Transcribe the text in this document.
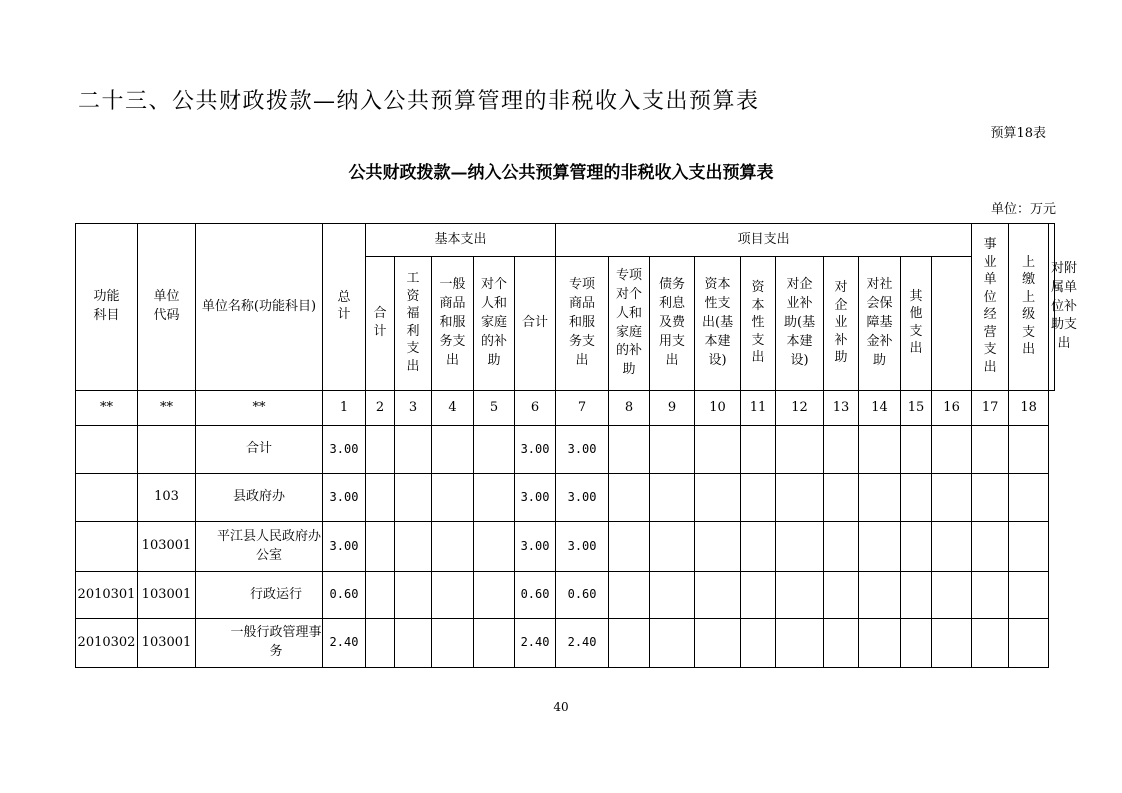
二十三、公共财政拨款—纳入公共预算管理的非税收入支出预算表
预算18表
公共财政拨款—纳入公共预算管理的非税收入支出预算表
单位：万元
功能科目	单位代码	单位名称(功能科目)	总计	基本支出					项目支出										事业单位经营支出	上缴上级支出	对附属单位补助支出
				合计	工资福利支出	一般商品和服务支出	对个人和家庭的补助	合计	专项商品和服务支出	专项对个人和家庭的补助	债务利息及费用支出	资本性支出(基本建设)	资本性支出	对企业补助(基本建设)	对企业补助	对社会保障基金补助	其他支出				
**	**	**	1	2	3	4	5	6	7	8	9	10	11	12	13	14	15	16	17	18	
		合计	3.00					3.00	3.00												
	103	县政府办	3.00					3.00	3.00												
	103001	平江县人民政府办公室	3.00					3.00	3.00												
2010301	103001	行政运行	0.60					0.60	0.60												
2010302	103001	一般行政管理事务	2.40					2.40	2.40												
40
